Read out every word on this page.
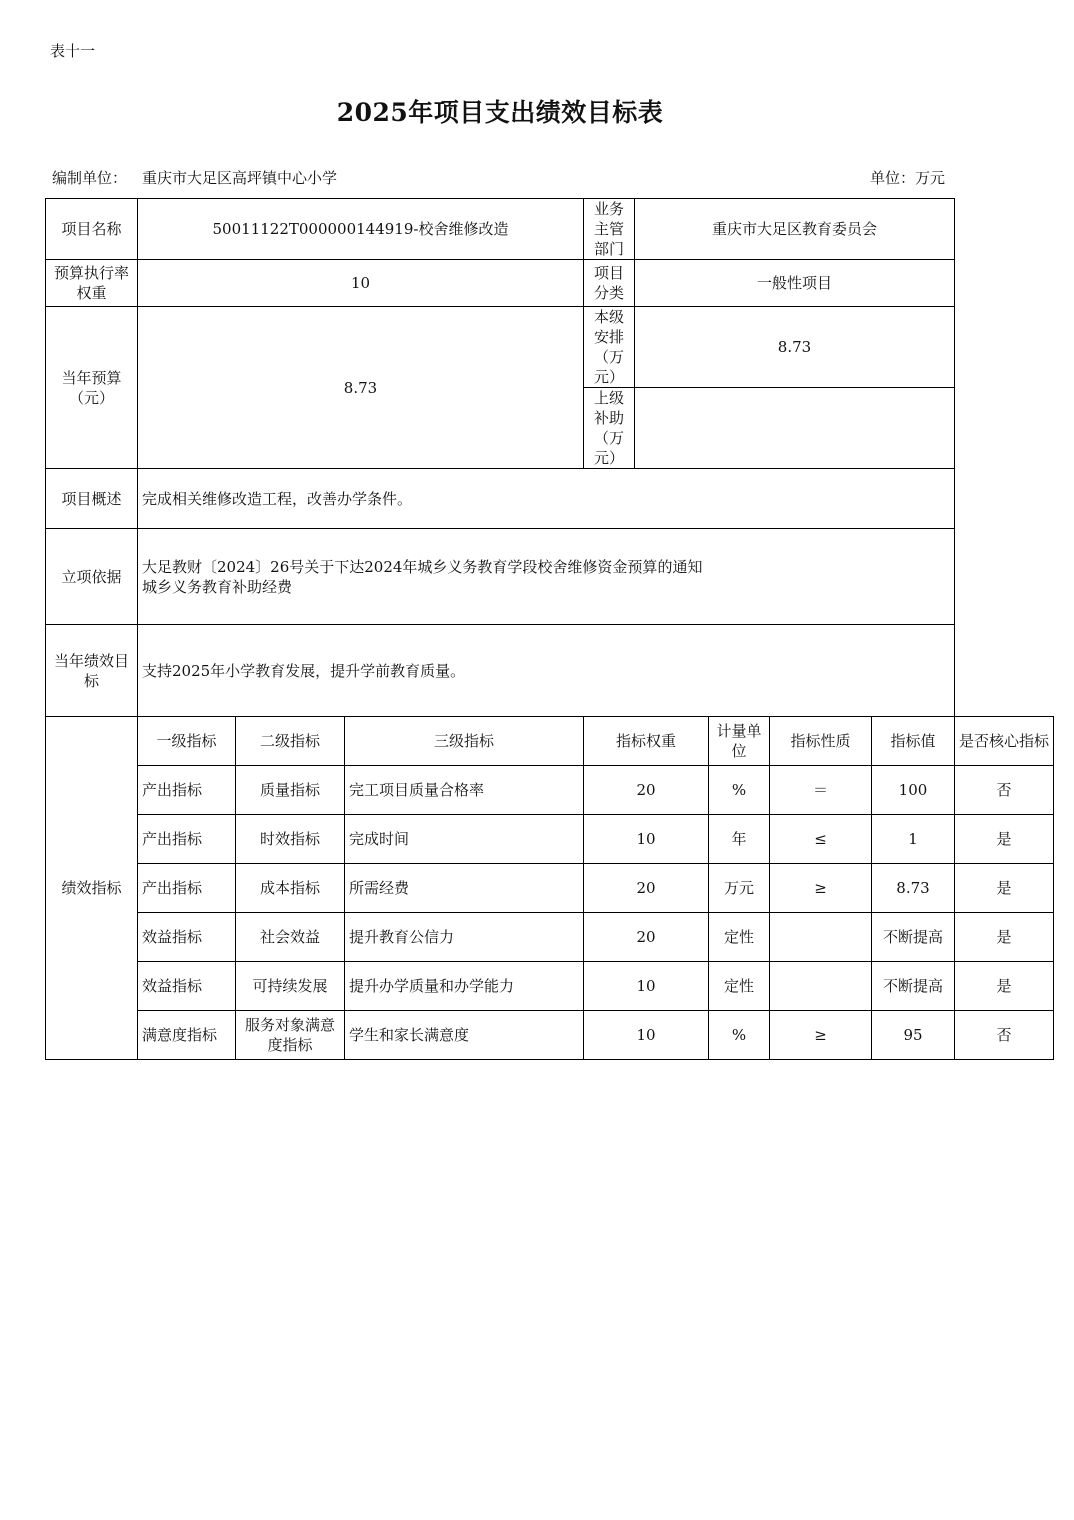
表十一
2025年项目支出绩效目标表
编制单位： 重庆市大足区高坪镇中心小学	单位：万元
项目名称	50011122T000000144919-校舍维修改造			业务主管部门	重庆市大足区教育委员会				
预算执行率权重	10			项目分类	一般性项目				
当年预算（元）	8.73			本级安排（万元）	8.73				
				上级补助（万元）					
项目概述	完成相关维修改造工程，改善办学条件。								
立项依据	大足教财〔2024〕26号关于下达2024年城乡义务教育学段校舍维修资金预算的通知
城乡义务教育补助经费								

当年绩效目标	支持2025年小学教育发展，提升学前教育质量。								
绩效指标	一级指标	二级指标	三级指标	指标权重		计量单位	指标性质	指标值	是否核心指标
	产出指标	质量指标	完工项目质量合格率	20		%	＝	100	否
	产出指标	时效指标	完成时间	10		年	≤	1	是
	产出指标	成本指标	所需经费	20		万元	≥	8.73	是
	效益指标	社会效益	提升教育公信力	20		定性		不断提高	是
	效益指标	可持续发展	提升办学质量和办学能力	10		定性		不断提高	是
	满意度指标	服务对象满意度指标	学生和家长满意度	10		%	≥	95	否
